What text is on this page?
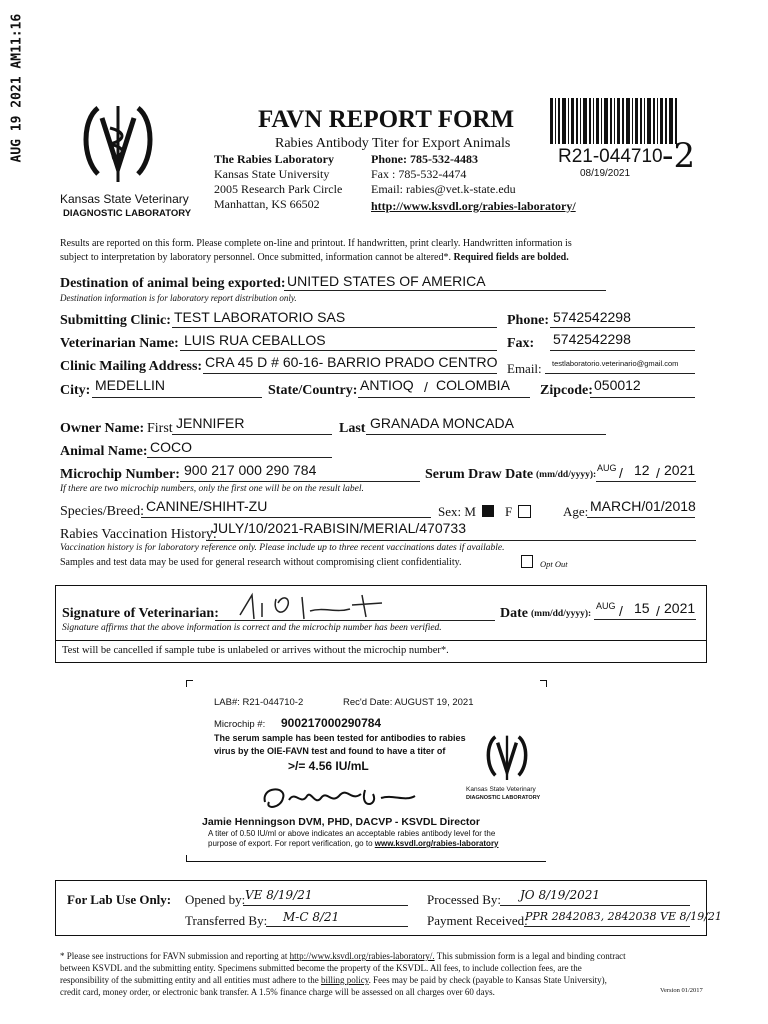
AUG 19 2021 AM11:16
Kansas State Veterinary
DIAGNOSTIC LABORATORY
FAVN REPORT FORM
Rabies Antibody Titer for Export Animals
The Rabies Laboratory
Kansas State University
2005 Research Park Circle
Manhattan, KS 66502
Phone: 785-532-4483
Fax : 785-532-4474
Email: rabies@vet.k-state.edu
http://www.ksvdl.org/rabies-laboratory/
R21-044710 -2
08/19/2021
Results are reported on this form. Please complete on-line and printout. If handwritten, print clearly. Handwritten information is
subject to interpretation by laboratory personnel. Once submitted, information cannot be altered*. Required fields are bolded.
Destination of animal being exported: UNITED STATES OF AMERICA
Destination information is for laboratory report distribution only.
Submitting Clinic: TEST LABORATORIO SAS	Phone: 5742542298
Veterinarian Name: LUIS RUA CEBALLOS	Fax: 5742542298
Clinic Mailing Address: CRA 45 D # 60-16- BARRIO PRADO CENTRO Email: testlaboratorio.veterinario@gmail.com
City: MEDELLIN	State/Country: ANTIOQ / COLOMBIA Zipcode: 050012
Owner Name: First JENNIFER	Last GRANADA MONCADA
Animal Name: COCO
Microchip Number: 900 217 000 290 784	Serum Draw Date (mm/dd/yyyy):
AUG / 12 / 2021
If there are two microchip numbers, only the first one will be on the result label.
Species/Breed: CANINE/SHIHT-ZU	Sex: M F	Age: MARCH/01/2018
Rabies Vaccination History:
JULY/10/2021-RABISIN/MERIAL/470733
Vaccination history is for laboratory reference only. Please include up to three recent vaccinations dates if available.
Samples and test data may be used for general research without compromising client confidentiality.	Opt Out
Signature of Veterinarian:	Date (mm/dd/yyyy):
AUG / 15 / 2021
Signature affirms that the above information is correct and the microchip number has been verified.
Test will be cancelled if sample tube is unlabeled or arrives without the microchip number*.
LAB#: R21-044710-2	Rec'd Date: AUGUST 19, 2021
Microchip #: 900217000290784
The serum sample has been tested for antibodies to rabies
virus by the OIE-FAVN test and found to have a titer of
>/= 4.56 IU/mL
Kansas State Veterinary
DIAGNOSTIC LABORATORY
Jamie Henningson DVM, PHD, DACVP - KSVDL Director
A titer of 0.50 IU/ml or above indicates an acceptable rabies antibody level for the
purpose of export. For report verification, go to www.ksvdl.org/rabies-laboratory
For Lab Use Only: Opened by: VE 8/19/21	Processed By: JO 8/19/2021
Transferred By: M-C 8/21	Payment Received:
PPR 2842083, 2842038 VE 8/19/21
* Please see instructions for FAVN submission and reporting at http://www.ksvdl.org/rabies-laboratory/. This submission form is a legal and binding contract
between KSVDL and the submitting entity. Specimens submitted become the property of the KSVDL. All fees, to include collection fees, are the
responsibility of the submitting entity and all entities must adhere to the billing policy. Fees may be paid by check (payable to Kansas State University),
credit card, money order, or electronic bank transfer. A 1.5% finance charge will be assessed on all charges over 60 days.	Version 01/2017
